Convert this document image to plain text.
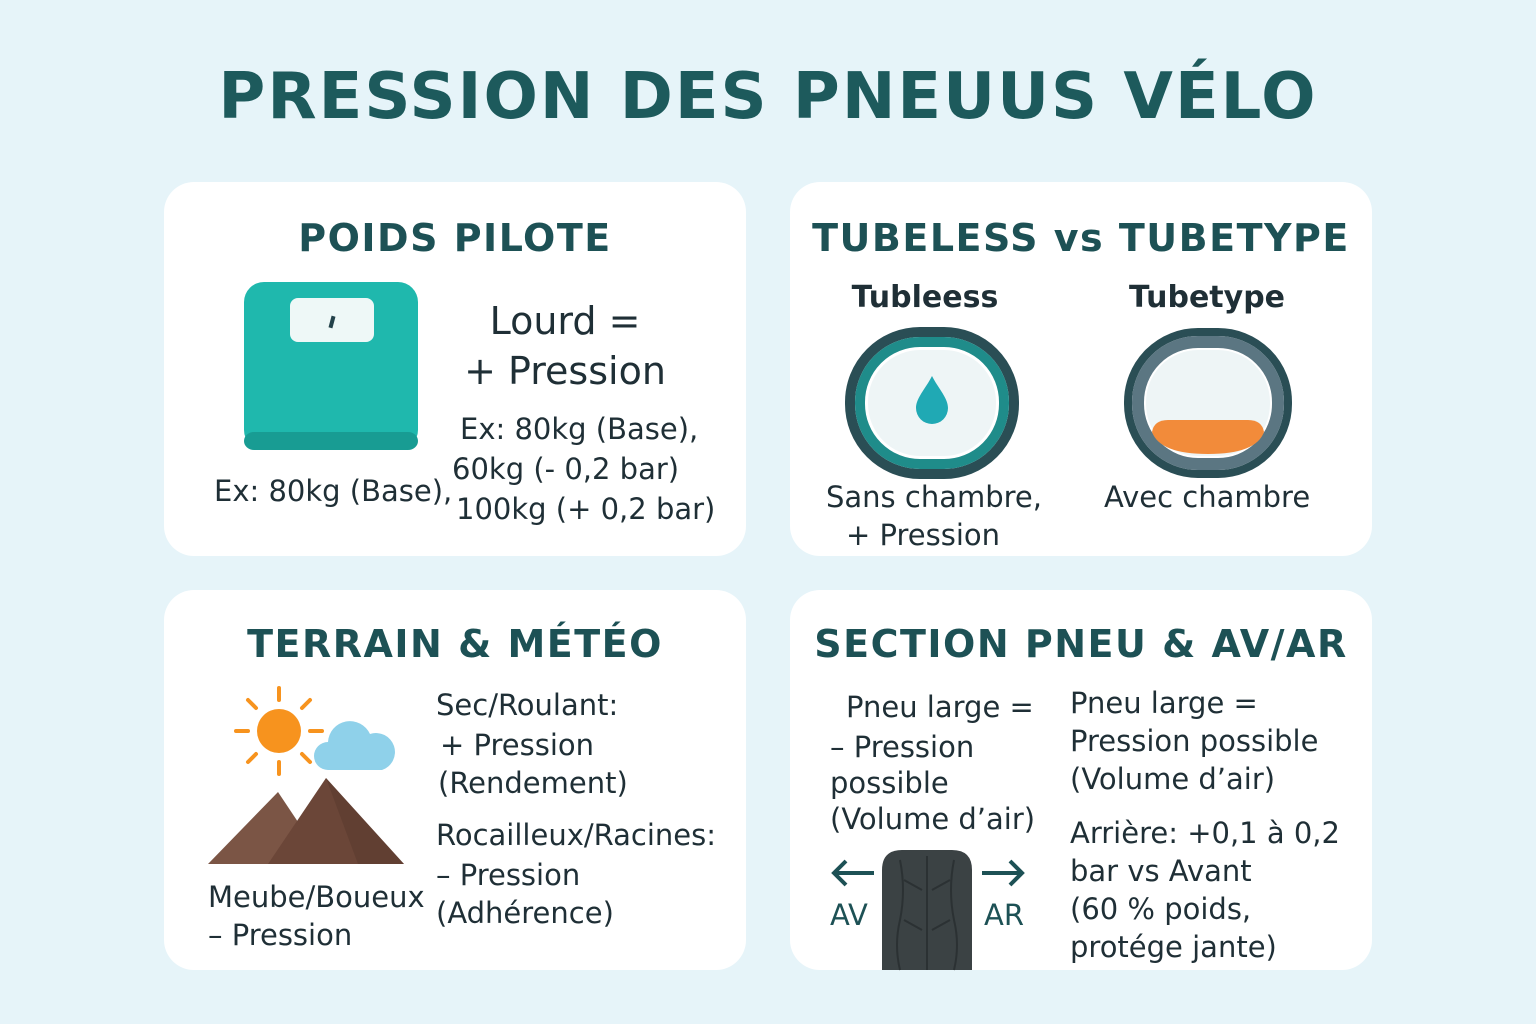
PRESSION DES PNEUUS VÉLO
POIDS PILOTE
Lourd =
+ Pression
Ex: 80kg (Base),
Ex: 80kg (Base),
60kg (- 0,2 bar)
100kg (+ 0,2 bar)
TUBELESS vs TUBETYPE
Tubleess	Tubetype
Sans chambre,
+ Pression
Avec chambre
TERRAIN & MÉTÉO
Sec/Roulant:
+ Pression
(Rendement)
Rocailleux/Racines:
– Pression
(Adhérence)
Meube/Boueux
– Pression
SECTION PNEU & AV/AR
Pneu large =
– Pression
possible
(Volume d’air)
AV	AR
Pneu large =
Pression possible
(Volume d’air)
Arrière: +0,1 à 0,2
bar vs Avant
(60 % poids,
protége jante)
